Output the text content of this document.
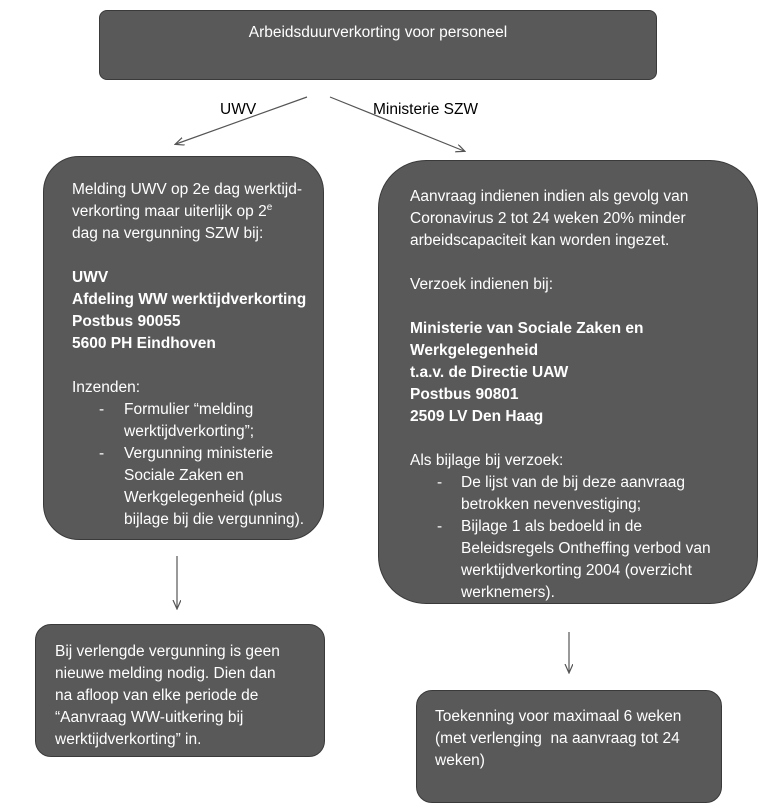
UWV	Ministerie SZW

Arbeidsduurverkorting voor personeel

Melding UWV op 2e dag werktijd-

verkorting maar uiterlijk op 2e

dag na vergunning SZW bij:

UWV
Afdeling WW werktijdverkorting
Postbus 90055
5600 PH Eindhoven

Inzenden:

- Formulier “melding

werktijdverkorting”;

- Vergunning ministerie

Sociale Zaken en

Werkgelegenheid (plus

bijlage bij die vergunning).

Aanvraag indienen indien als gevolg van

Coronavirus 2 tot 24 weken 20% minder

arbeidscapaciteit kan worden ingezet.

Verzoek indienen bij:

Ministerie van Sociale Zaken en
Werkgelegenheid
t.a.v. de Directie UAW
Postbus 90801
2509 LV Den Haag

Als bijlage bij verzoek:

- De lijst van de bij deze aanvraag

betrokken nevenvestiging;

- Bijlage 1 als bedoeld in de

Beleidsregels Ontheffing verbod van

werktijdverkorting 2004 (overzicht

werknemers).

Bij verlengde vergunning is geen

nieuwe melding nodig. Dien dan

na afloop van elke periode de

“Aanvraag WW-uitkering bij

werktijdverkorting” in.

Toekenning voor maximaal 6 weken

(met verlenging  na aanvraag tot 24

weken)
